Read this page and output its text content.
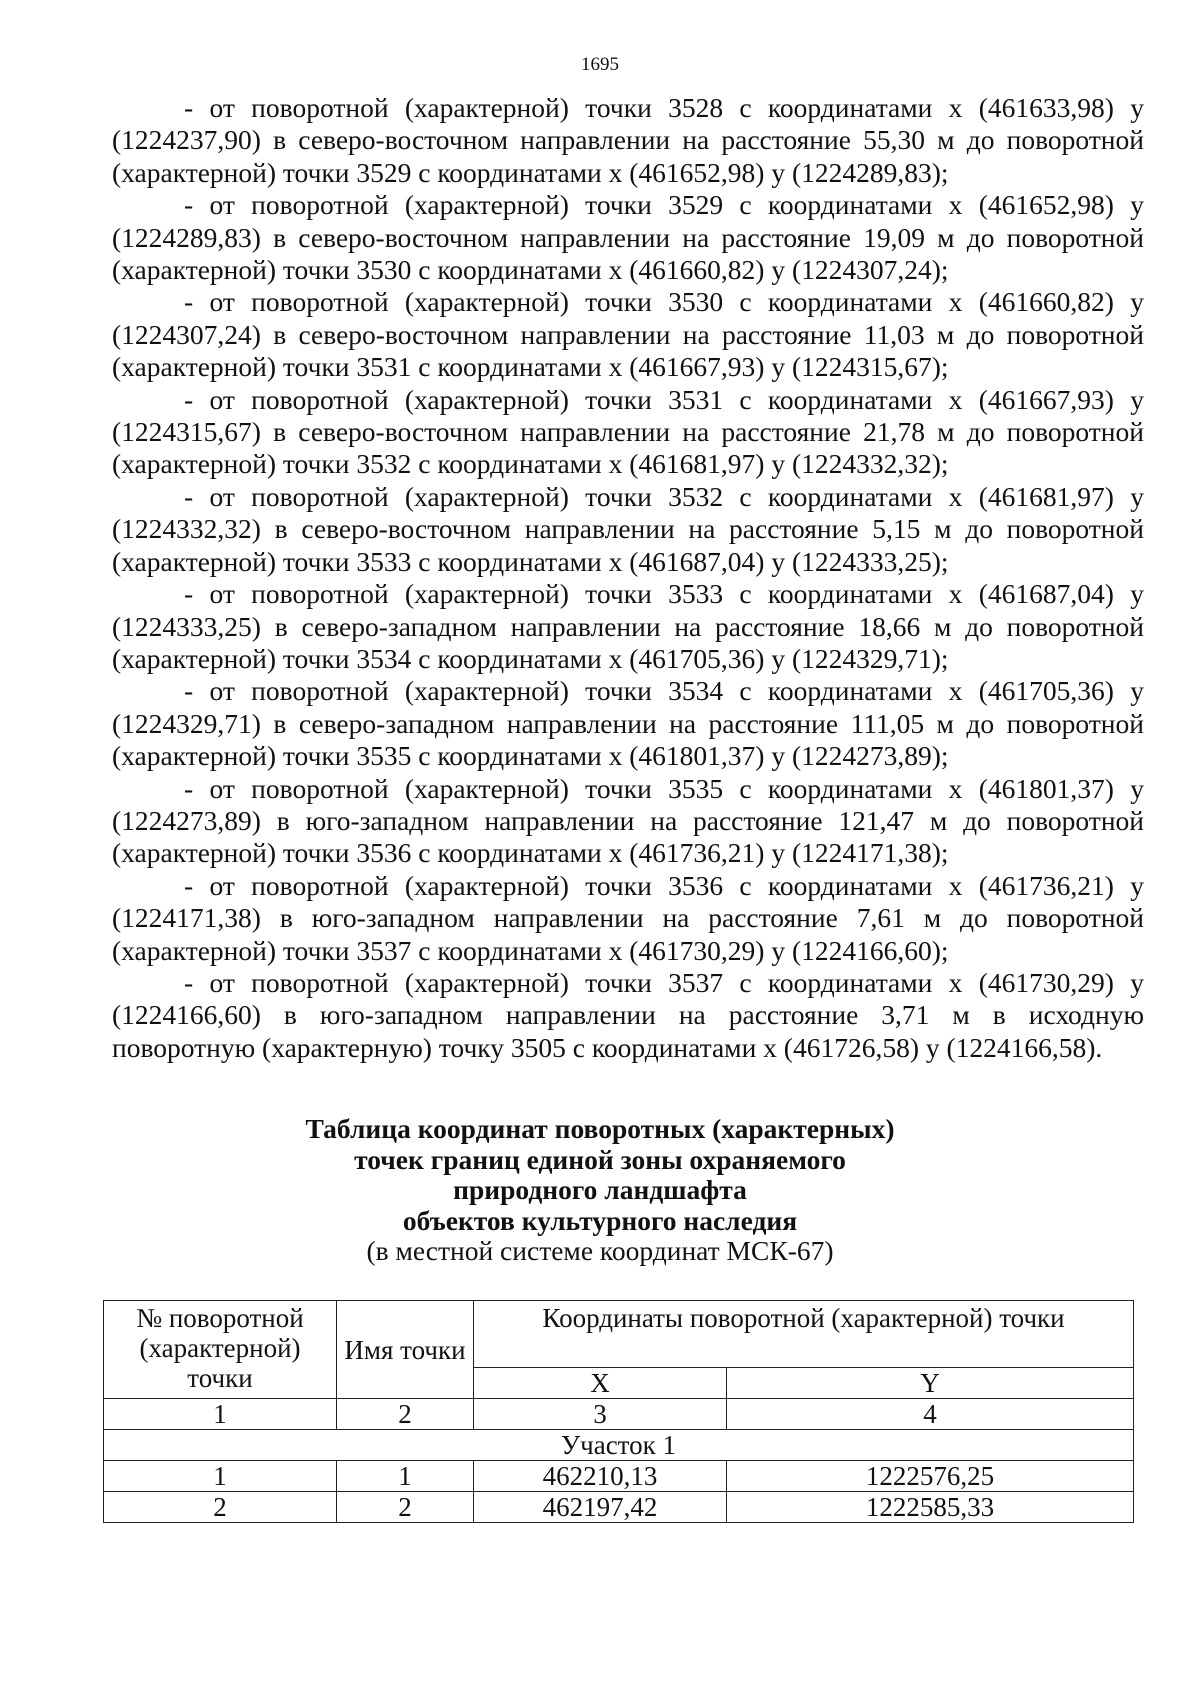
1695

- от поворотной (характерной) точки 3528 с координатами x (461633,98) y (1224237,90) в северо-восточном направлении на расстояние 55,30 м до поворотной (характерной) точки 3529 с координатами x (461652,98) y (1224289,83);

- от поворотной (характерной) точки 3529 с координатами x (461652,98) y (1224289,83) в северо-восточном направлении на расстояние 19,09 м до поворотной (характерной) точки 3530 с координатами x (461660,82) y (1224307,24);

- от поворотной (характерной) точки 3530 с координатами x (461660,82) y (1224307,24) в северо-восточном направлении на расстояние 11,03 м до поворотной (характерной) точки 3531 с координатами x (461667,93) y (1224315,67);

- от поворотной (характерной) точки 3531 с координатами x (461667,93) y (1224315,67) в северо-восточном направлении на расстояние 21,78 м до поворотной (характерной) точки 3532 с координатами x (461681,97) y (1224332,32);

- от поворотной (характерной) точки 3532 с координатами x (461681,97) y (1224332,32) в северо-восточном направлении на расстояние 5,15 м до поворотной (характерной) точки 3533 с координатами x (461687,04) y (1224333,25);

- от поворотной (характерной) точки 3533 с координатами x (461687,04) y (1224333,25) в северо-западном направлении на расстояние 18,66 м до поворотной (характерной) точки 3534 с координатами x (461705,36) y (1224329,71);

- от поворотной (характерной) точки 3534 с координатами x (461705,36) y (1224329,71) в северо-западном направлении на расстояние 111,05 м до поворотной (характерной) точки 3535 с координатами x (461801,37) y (1224273,89);

- от поворотной (характерной) точки 3535 с координатами x (461801,37) y (1224273,89) в юго-западном направлении на расстояние 121,47 м до поворотной (характерной) точки 3536 с координатами x (461736,21) y (1224171,38);

- от поворотной (характерной) точки 3536 с координатами x (461736,21) y (1224171,38) в юго-западном направлении на расстояние 7,61 м до поворотной (характерной) точки 3537 с координатами x (461730,29) y (1224166,60);

- от поворотной (характерной) точки 3537 с координатами x (461730,29) y (1224166,60) в юго-западном направлении на расстояние 3,71 м в исходную поворотную (характерную) точку 3505 с координатами x (461726,58) y (1224166,58).

Таблица координат поворотных (характерных)
точек границ единой зоны охраняемого
природного ландшафта
объектов культурного наследия
(в местной системе координат МСК-67)
№ поворотной
(характерной)
точки	Имя точки	Координаты поворотной (характерной) точки	
		X	Y
1	2	3	4
Участок 1			
1	1	462210,13	1222576,25
2	2	462197,42	1222585,33
